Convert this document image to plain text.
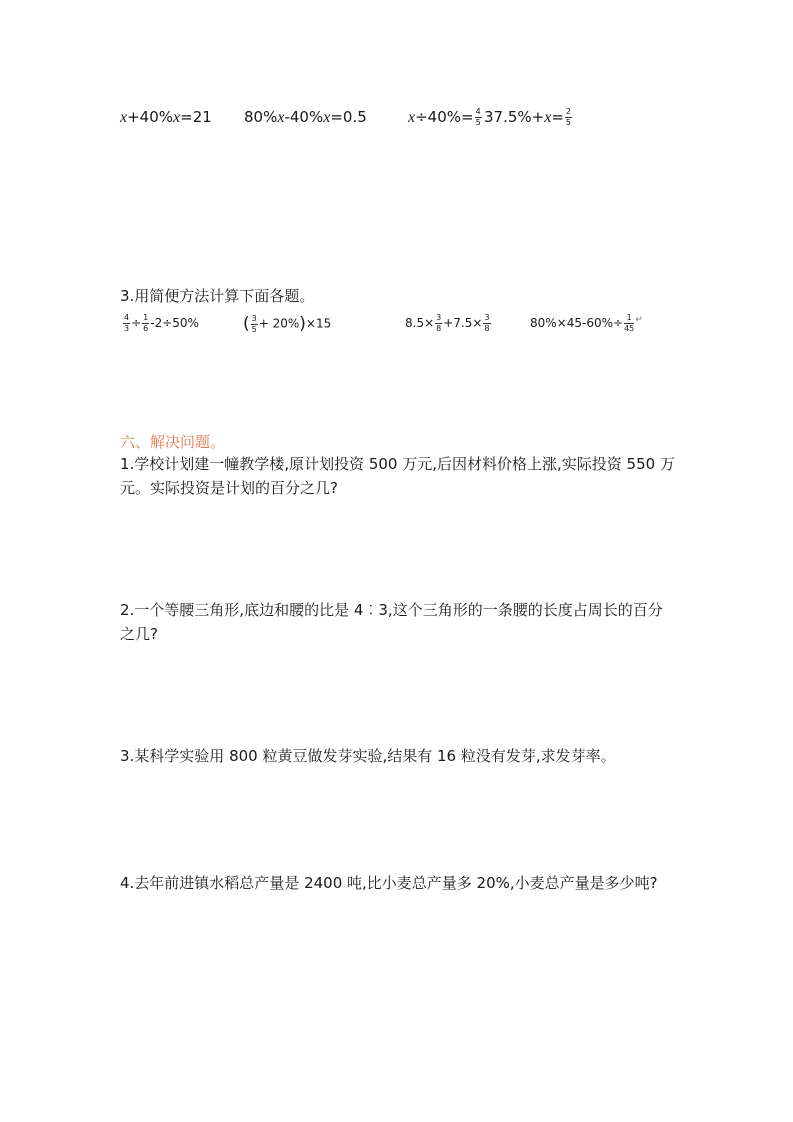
x+40%x=21 80%x-40%x=0.5	$x\div 40\%= \frac{4}{5} 37.5\%+x= \frac{2}{5}$
3.用简便方法计算下面各题。
$\frac{4}{3} \div \frac{1}{6} -2\div 50\%$	( $\frac{3}{5} + 20\%)\times 15$	$8.5\times \frac{3}{8} +7.5\times \frac{3}{8}$	$80\%\times 45-60\%\div \frac{1}{45} ^↵$
六、解决问题。
1.学校计划建一幢教学楼,原计划投资 500 万元,后因材料价格上涨,实际投资 550 万元。实际投资是计划的百分之几?
2.一个等腰三角形,底边和腰的比是 4︰3,这个三角形的一条腰的长度占周长的百分之几?
3.某科学实验用 800 粒黄豆做发芽实验,结果有 16 粒没有发芽,求发芽率。
4.去年前进镇水稻总产量是 2400 吨,比小麦总产量多 20%,小麦总产量是多少吨?
